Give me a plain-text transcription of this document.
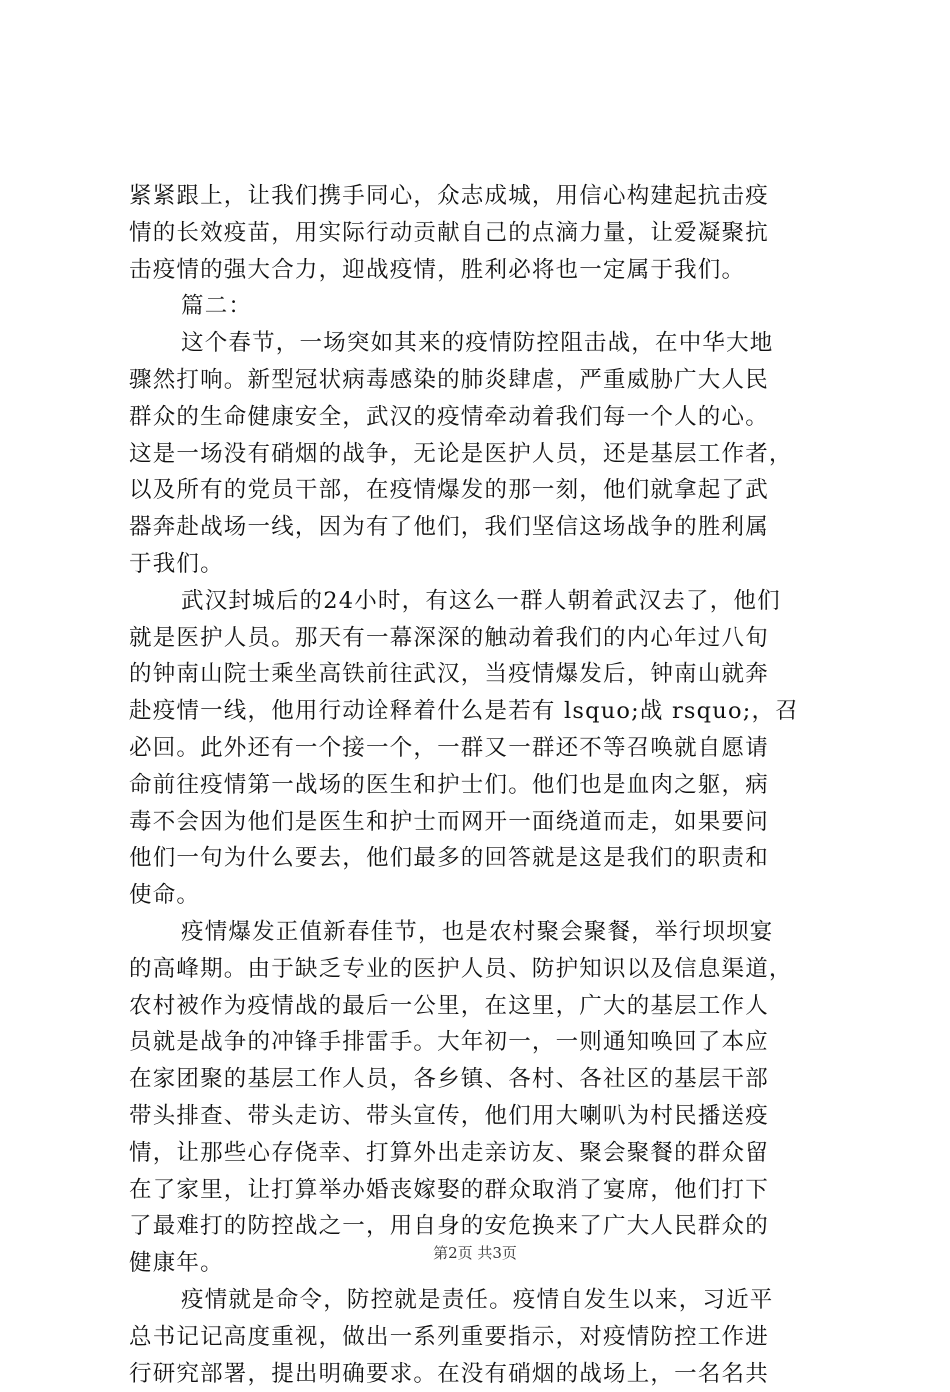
紧紧跟上，让我们携手同心，众志成城，用信心构建起抗击疫
情的长效疫苗，用实际行动贡献自己的点滴力量，让爱凝聚抗
击疫情的强大合力，迎战疫情，胜利必将也一定属于我们。
篇二：
这个春节，一场突如其来的疫情防控阻击战，在中华大地
骤然打响。新型冠状病毒感染的肺炎肆虐，严重威胁广大人民
群众的生命健康安全，武汉的疫情牵动着我们每一个人的心。
这是一场没有硝烟的战争，无论是医护人员，还是基层工作者，
以及所有的党员干部，在疫情爆发的那一刻，他们就拿起了武
器奔赴战场一线，因为有了他们，我们坚信这场战争的胜利属
于我们。
武汉封城后的24小时，有这么一群人朝着武汉去了，他们
就是医护人员。那天有一幕深深的触动着我们的内心年过八旬
的钟南山院士乘坐高铁前往武汉，当疫情爆发后，钟南山就奔
赴疫情一线，他用行动诠释着什么是若有 lsquo;战 rsquo;，召
必回。此外还有一个接一个，一群又一群还不等召唤就自愿请
命前往疫情第一战场的医生和护士们。他们也是血肉之躯，病
毒不会因为他们是医生和护士而网开一面绕道而走，如果要问
他们一句为什么要去，他们最多的回答就是这是我们的职责和
使命。
疫情爆发正值新春佳节，也是农村聚会聚餐，举行坝坝宴
的高峰期。由于缺乏专业的医护人员、防护知识以及信息渠道，
农村被作为疫情战的最后一公里，在这里，广大的基层工作人
员就是战争的冲锋手排雷手。大年初一，一则通知唤回了本应
在家团聚的基层工作人员，各乡镇、各村、各社区的基层干部
带头排查、带头走访、带头宣传，他们用大喇叭为村民播送疫
情，让那些心存侥幸、打算外出走亲访友、聚会聚餐的群众留
在了家里，让打算举办婚丧嫁娶的群众取消了宴席，他们打下
了最难打的防控战之一，用自身的安危换来了广大人民群众的
健康年。
疫情就是命令，防控就是责任。疫情自发生以来，习近平
总书记记高度重视，做出一系列重要指示，对疫情防控工作进
行研究部署，提出明确要求。在没有硝烟的战场上，一名名共
第2页 共3页
